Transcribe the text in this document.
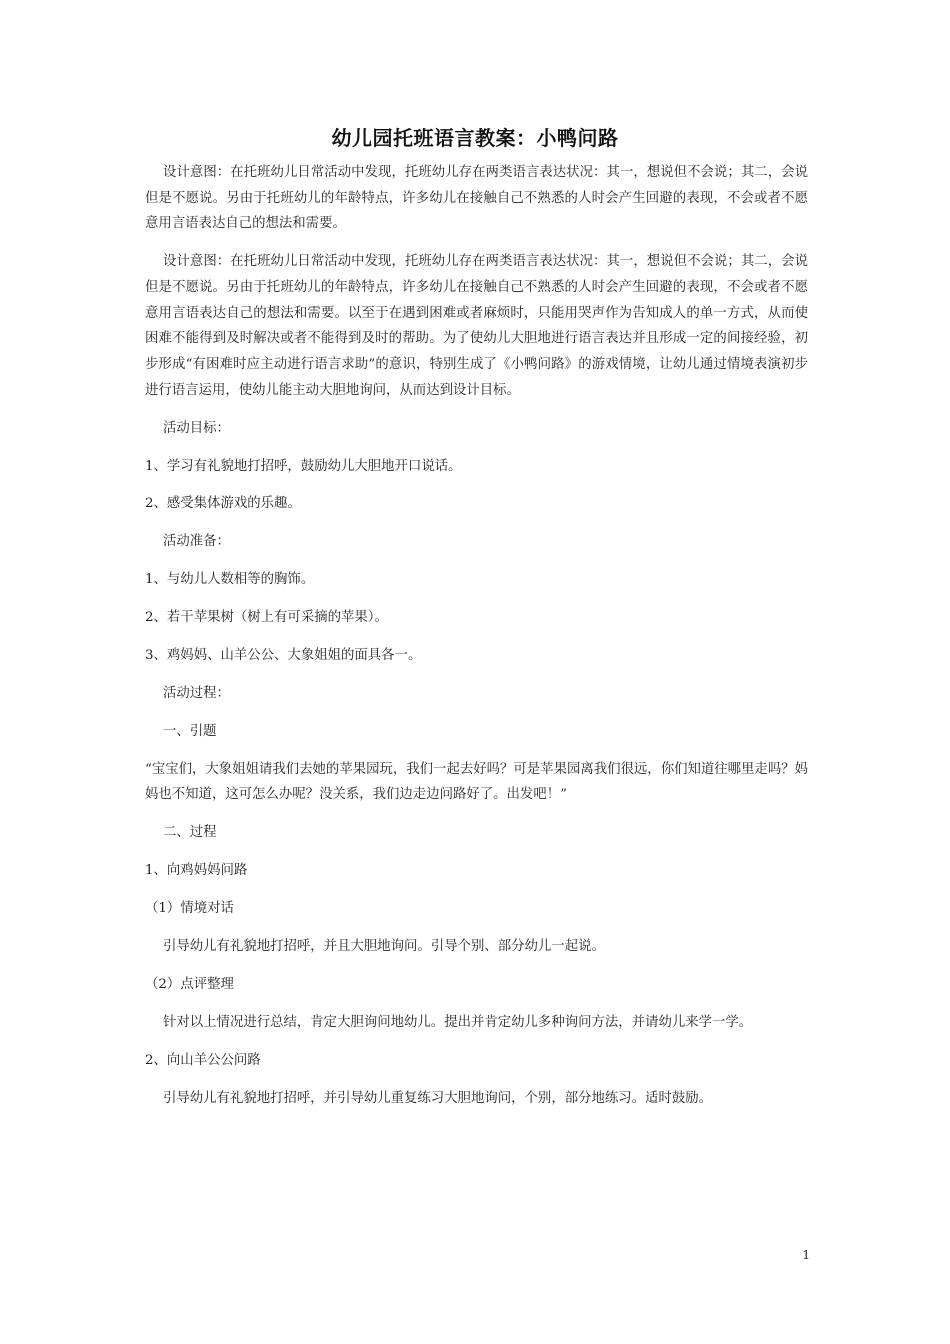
幼儿园托班语言教案：小鸭问路

设计意图：在托班幼儿日常活动中发现，托班幼儿存在两类语言表达状况：其一，想说但不会说；其二，会说但是不愿说。另由于托班幼儿的年龄特点，许多幼儿在接触自己不熟悉的人时会产生回避的表现，不会或者不愿意用言语表达自己的想法和需要。

设计意图：在托班幼儿日常活动中发现，托班幼儿存在两类语言表达状况：其一，想说但不会说；其二，会说但是不愿说。另由于托班幼儿的年龄特点，许多幼儿在接触自己不熟悉的人时会产生回避的表现，不会或者不愿意用言语表达自己的想法和需要。以至于在遇到困难或者麻烦时，只能用哭声作为告知成人的单一方式，从而使困难不能得到及时解决或者不能得到及时的帮助。为了使幼儿大胆地进行语言表达并且形成一定的间接经验，初步形成“有困难时应主动进行语言求助”的意识，特别生成了《小鸭问路》的游戏情境，让幼儿通过情境表演初步进行语言运用，使幼儿能主动大胆地询问，从而达到设计目标。

活动目标：

1、学习有礼貌地打招呼，鼓励幼儿大胆地开口说话。

2、感受集体游戏的乐趣。

活动准备：

1、与幼儿人数相等的胸饰。

2、若干苹果树（树上有可采摘的苹果）。

3、鸡妈妈、山羊公公、大象姐姐的面具各一。

活动过程：

一、引题

“宝宝们，大象姐姐请我们去她的苹果园玩，我们一起去好吗？可是苹果园离我们很远，你们知道往哪里走吗？妈妈也不知道，这可怎么办呢？没关系，我们边走边问路好了。出发吧！”

二、过程

1、向鸡妈妈问路

（1）情境对话

引导幼儿有礼貌地打招呼，并且大胆地询问。引导个别、部分幼儿一起说。

（2）点评整理

针对以上情况进行总结，肯定大胆询问地幼儿。提出并肯定幼儿多种询问方法，并请幼儿来学一学。

2、向山羊公公问路

引导幼儿有礼貌地打招呼，并引导幼儿重复练习大胆地询问，个别，部分地练习。适时鼓励。

1
